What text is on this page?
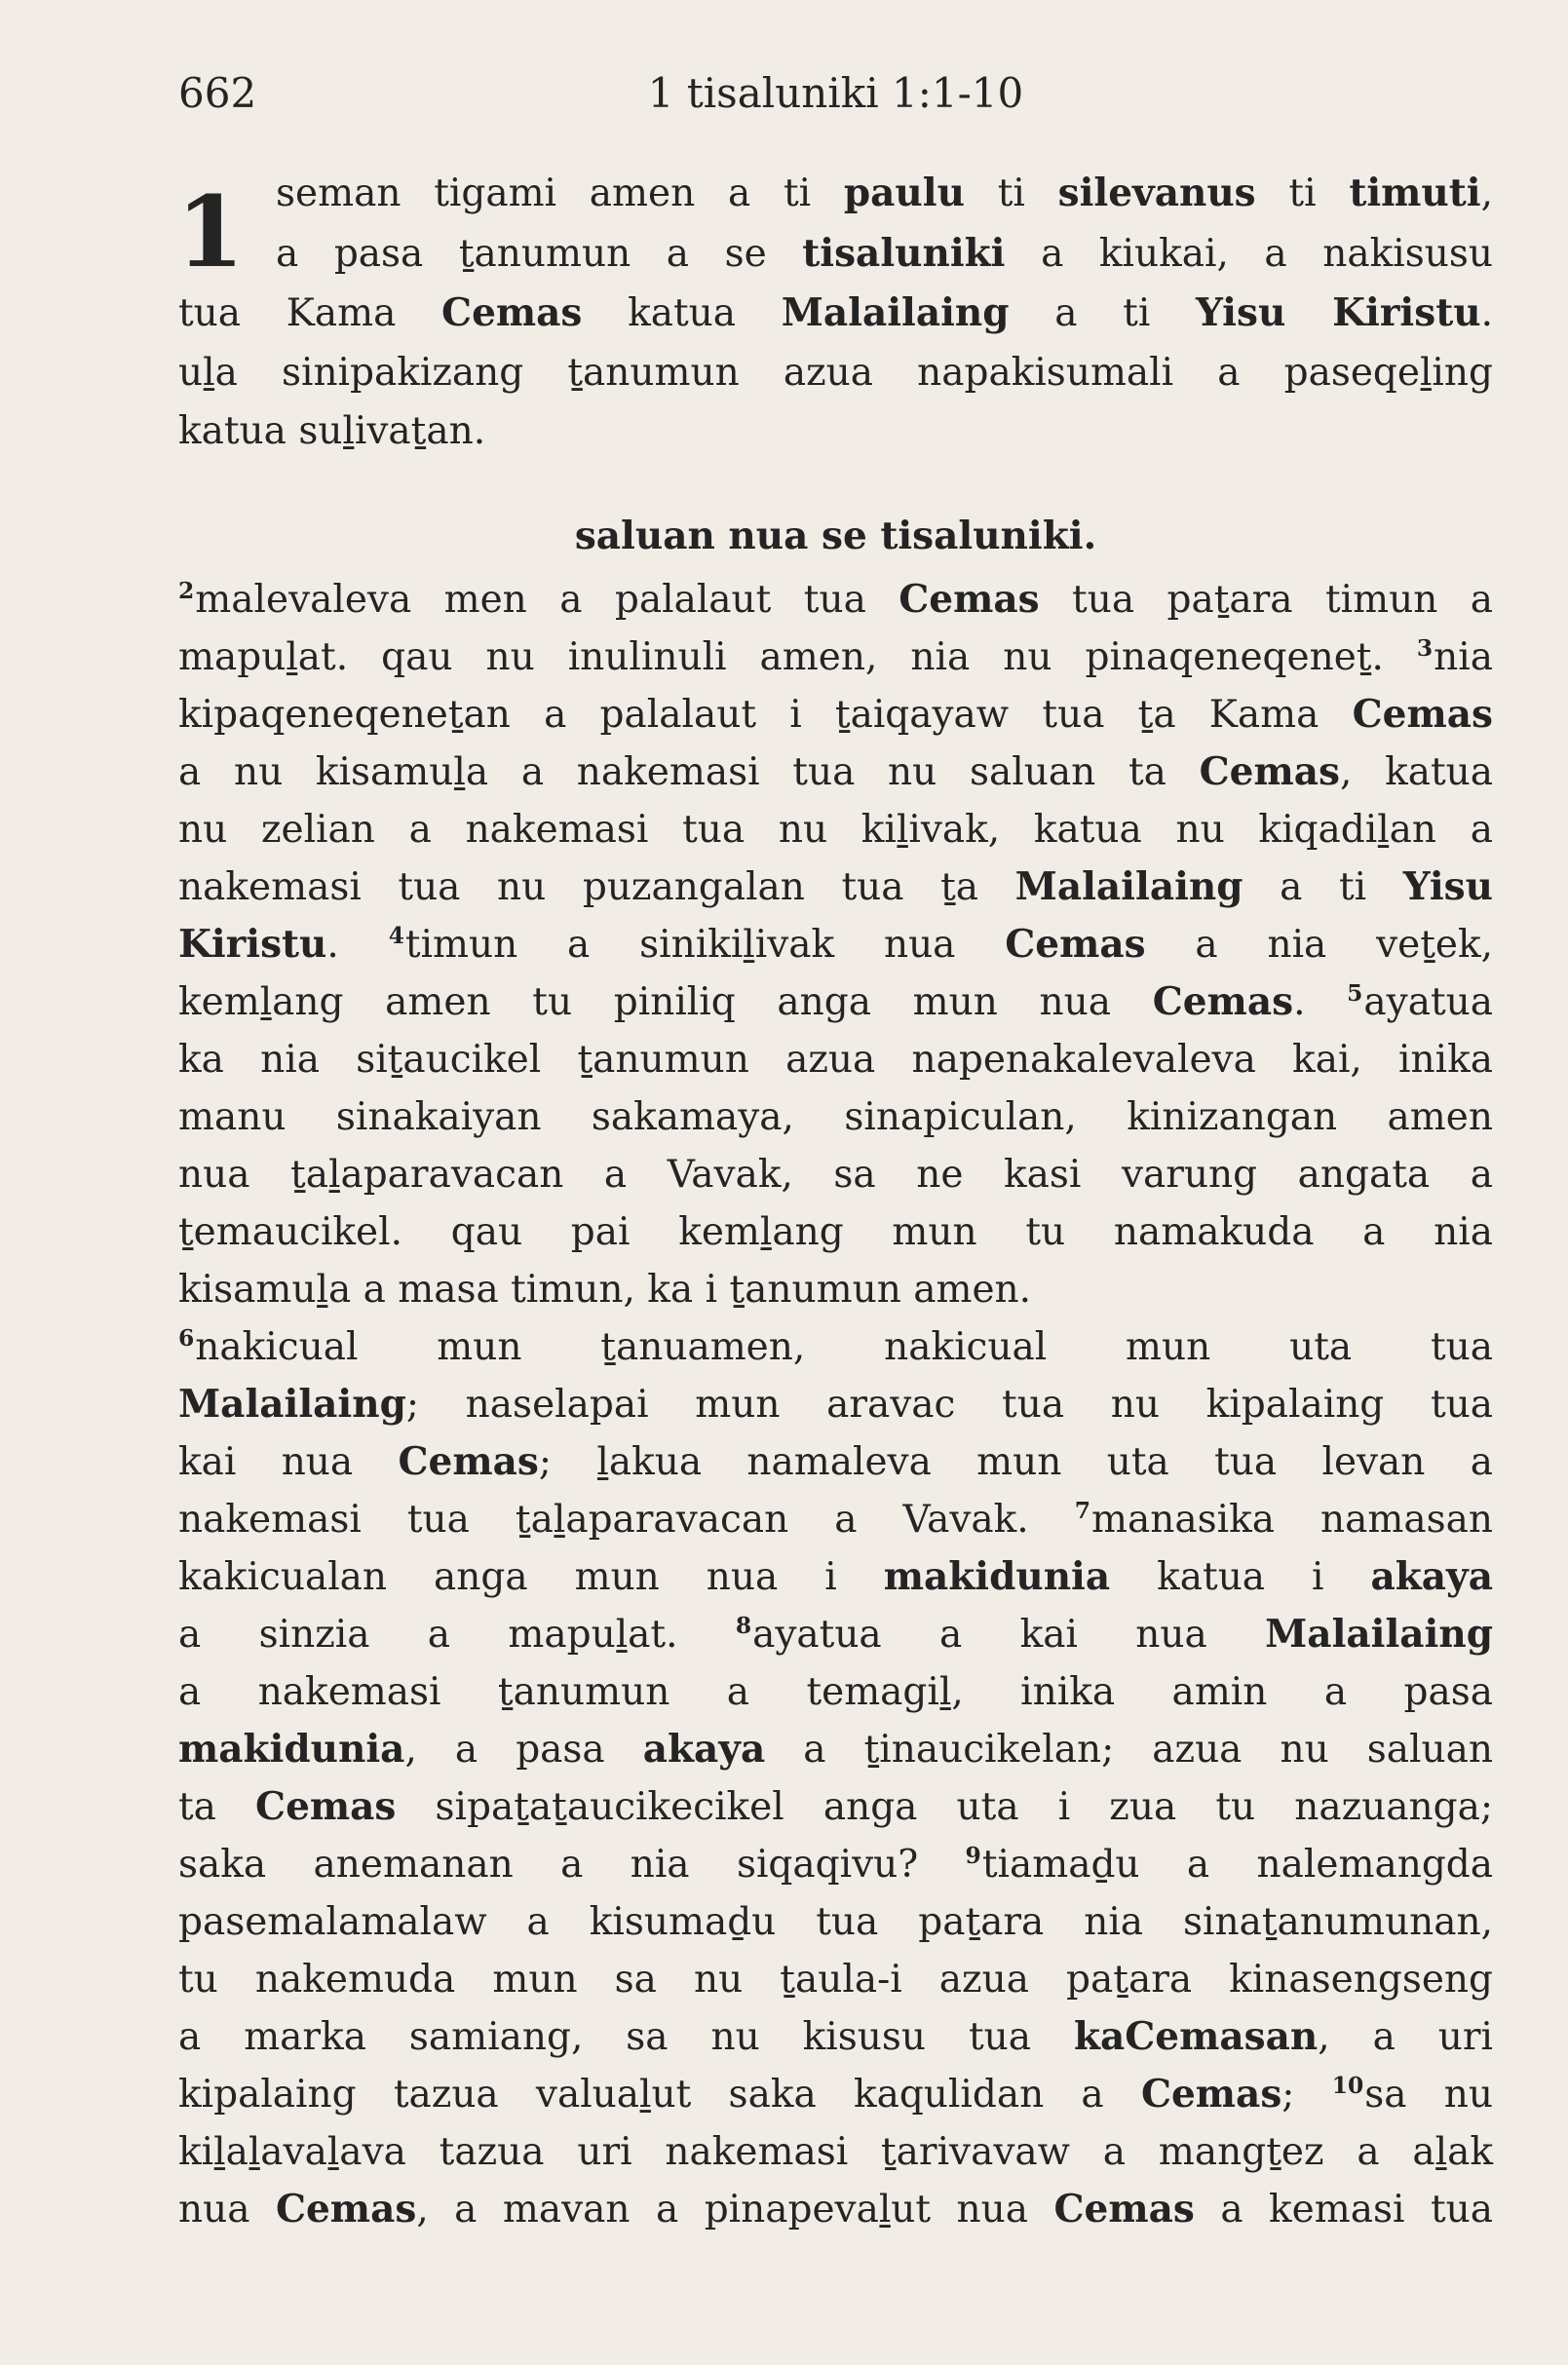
662	1 tisaluniki 1:1-10
1 seman tigami amen a ti paulu ti silevanus ti timuti,
a pasa ṯanumun a se tisaluniki a kiukai, a nakisusu
tua Kama Cemas katua Malailaing a ti Yisu Kiristu.
uḻa sinipakizang ṯanumun azua napakisumali a paseqeḻing
katua suḻivaṯan.
saluan nua se tisaluniki.
$^2$malevaleva men a palalaut tua Cemas tua paṯara timun a
mapuḻat. qau nu inulinuli amen, nia nu pinaqeneqeneṯ. $^3$nia
kipaqeneqeneṯan a palalaut i ṯaiqayaw tua ṯa Kama Cemas
a nu kisamuḻa a nakemasi tua nu saluan ta Cemas, katua
nu zelian a nakemasi tua nu kiḻivak, katua nu kiqadiḻan a
nakemasi tua nu puzangalan tua ṯa Malailaing a ti Yisu
Kiristu. $^4$timun a sinikiḻivak nua Cemas a nia veṯek,
kemḻang amen tu piniliq anga mun nua Cemas. $^5$ayatua
ka nia siṯaucikel ṯanumun azua napenakalevaleva kai, inika
manu sinakaiyan sakamaya, sinapiculan, kinizangan amen
nua ṯaḻaparavacan a Vavak, sa ne kasi varung angata a
ṯemaucikel. qau pai kemḻang mun tu namakuda a nia
kisamuḻa a masa timun, ka i ṯanumun amen.
$^6$nakicual mun ṯanuamen, nakicual mun uta tua
Malailaing; naselapai mun aravac tua nu kipalaing tua
kai nua Cemas; ḻakua namaleva mun uta tua levan a
nakemasi tua ṯaḻaparavacan a Vavak. $^7$manasika namasan
kakicualan anga mun nua i makidunia katua i akaya
a sinzia a mapuḻat. $^8$ayatua a kai nua Malailaing
a nakemasi ṯanumun a temagiḻ, inika amin a pasa
makidunia, a pasa akaya a ṯinaucikelan; azua nu saluan
ta Cemas sipaṯaṯaucikecikel anga uta i zua tu nazuanga;
saka anemanan a nia siqaqivu? $^9$tiamaḏu a nalemangda
pasemalamalaw a kisumaḏu tua paṯara nia sinaṯanumunan,
tu nakemuda mun sa nu ṯaula-i azua paṯara kinasengseng
a marka samiang, sa nu kisusu tua kaCemasan, a uri
kipalaing tazua valuaḻut saka kaqulidan a Cemas; $^{10}$sa nu
kiḻaḻavaḻava tazua uri nakemasi ṯarivavaw a mangṯez a aḻak
nua Cemas, a mavan a pinapevaḻut nua Cemas a kemasi tua
